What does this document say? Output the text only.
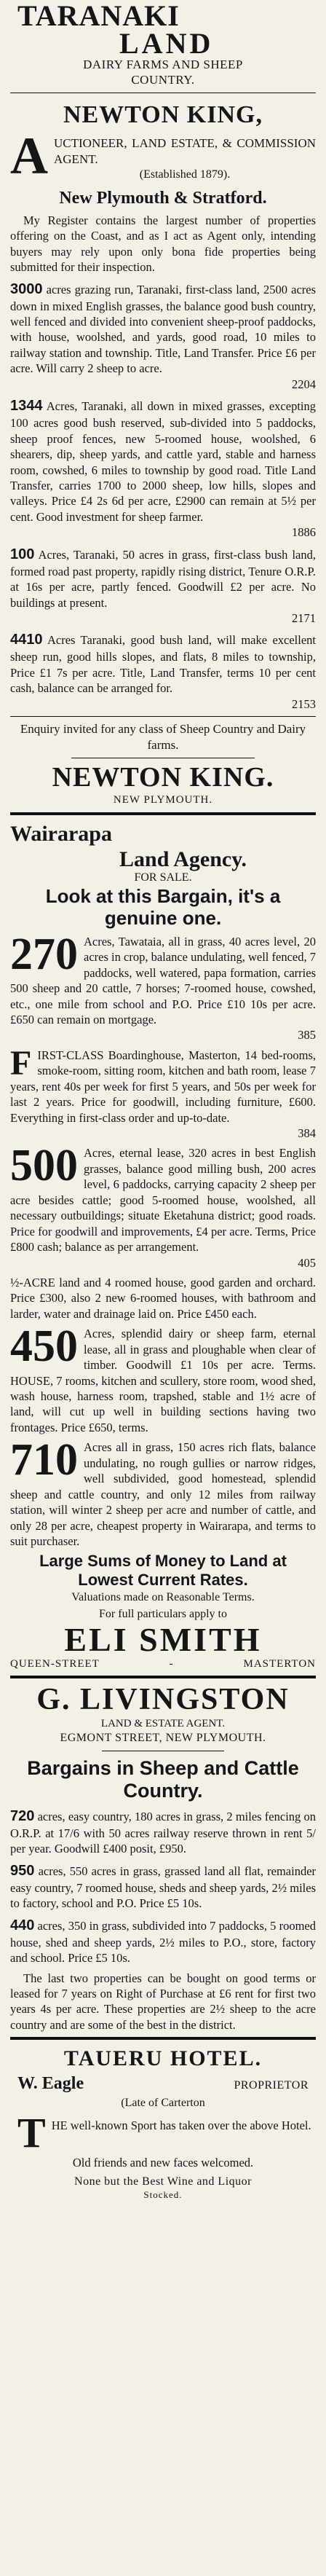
TARANAKI
LAND
DAIRY FARMS AND SHEEP
COUNTRY.
NEWTON KING,
A UCTIONEER, LAND ESTATE, & COMMISSION AGENT.
(Established 1879).
New Plymouth & Stratford.

My Register contains the largest number of properties offering on the Coast, and as I act as Agent only, intending buyers may rely upon only bona fide properties being submitted for their inspection.

3000 acres grazing run, Taranaki, first-class land, 2500 acres down in mixed English grasses, the balance good bush country, well fenced and divided into convenient sheep-proof paddocks, with house, woolshed, and yards, good road, 10 miles to railway station and township. Title, Land Transfer. Price £6 per acre. Will carry 2 sheep to acre.

2204

1344 Acres, Taranaki, all down in mixed grasses, excepting 100 acres good bush reserved, sub-divided into 5 paddocks, sheep proof fences, new 5-roomed house, woolshed, 6 shearers, dip, sheep yards, and cattle yard, stable and harness room, cowshed, 6 miles to township by good road. Title Land Transfer, carries 1700 to 2000 sheep, low hills, slopes and valleys. Price £4 2s 6d per acre, £2900 can remain at 5½ per cent. Good investment for sheep farmer.

1886

100 Acres, Taranaki, 50 acres in grass, first-class bush land, formed road past property, rapidly rising district, Tenure O.R.P. at 16s per acre, partly fenced. Goodwill £2 per acre. No buildings at present.

2171

4410 Acres Taranaki, good bush land, will make excellent sheep run, good hills slopes, and flats, 8 miles to township, Price £1 7s per acre. Title, Land Transfer, terms 10 per cent cash, balance can be arranged for.

2153

Enquiry invited for any class of Sheep Country and Dairy farms.

NEWTON KING.
NEW PLYMOUTH.
Wairarapa
Land Agency.
FOR SALE.
Look at this Bargain, it's a genuine one.
270 Acres, Tawataia, all in grass, 40 acres level, 20 acres in crop, balance undulating, well fenced, 7 paddocks, well watered, papa formation, carries 500 sheep and 20 cattle, 7 horses; 7-roomed house, cowshed, etc., one mile from school and P.O. Price £10 10s per acre. £650 can remain on mortgage.

385
F IRST-CLASS Boardinghouse, Masterton, 14 bed-rooms, smoke-room, sitting room, kitchen and bath room, lease 7 years, rent 40s per week for first 5 years, and 50s per week for last 2 years. Price for goodwill, including furniture, £600. Everything in first-class order and up-to-date.

384
500 Acres, eternal lease, 320 acres in best English grasses, balance good milling bush, 200 acres level, 6 paddocks, carrying capacity 2 sheep per acre besides cattle; good 5-roomed house, woolshed, all necessary outbuildings; situate Eketahuna district; good roads. Price for goodwill and improvements, £4 per acre. Terms, Price £800 cash; balance as per arrangement.

405

½-ACRE land and 4 roomed house, good garden and orchard. Price £300, also 2 new 6-roomed houses, with bathroom and larder, water and drainage laid on. Price £450 each.

450 Acres, splendid dairy or sheep farm, eternal lease, all in grass and ploughable when clear of timber. Goodwill £1 10s per acre. Terms. HOUSE, 7 rooms, kitchen and scullery, store room, wood shed, wash house, harness room, trapshed, stable and 1½ acre of land, will cut up well in building sections having two frontages. Price £650, terms.

710 Acres all in grass, 150 acres rich flats, balance undulating, no rough gullies or narrow ridges, well subdivided, good homestead, splendid sheep and cattle country, and only 12 miles from railway station, will winter 2 sheep per acre and number of cattle, and only 28 per acre, cheapest property in Wairarapa, and terms to suit purchaser.

Large Sums of Money to Land at Lowest Current Rates.
Valuations made on Reasonable Terms.
For full particulars apply to
ELI SMITH
QUEEN-STREET	-	MASTERTON
G. LIVINGSTON
LAND & ESTATE AGENT.
EGMONT STREET, NEW PLYMOUTH.
Bargains in Sheep and Cattle Country.

720 acres, easy country, 180 acres in grass, 2 miles fencing on O.R.P. at 17/6 with 50 acres railway reserve thrown in rent 5/ per year. Goodwill £400 posit, £950.

950 acres, 550 acres in grass, grassed land all flat, remainder easy country, 7 roomed house, sheds and sheep yards, 2½ miles to factory, school and P.O. Price £5 10s.

440 acres, 350 in grass, subdivided into 7 paddocks, 5 roomed house, shed and sheep yards, 2½ miles to P.O., store, factory and school. Price £5 10s.

The last two properties can be bought on good terms or leased for 7 years on Right of Purchase at £6 rent for first two years 4s per acre. These properties are 2½ sheep to the acre country and are some of the best in the district.

TAUERU HOTEL.
W. Eagle	PROPRIETOR
(Late of Carterton
T HE well-known Sport has taken over the above Hotel.

Old friends and new faces welcomed.

None but the Best Wine and Liquor

Stocked.
